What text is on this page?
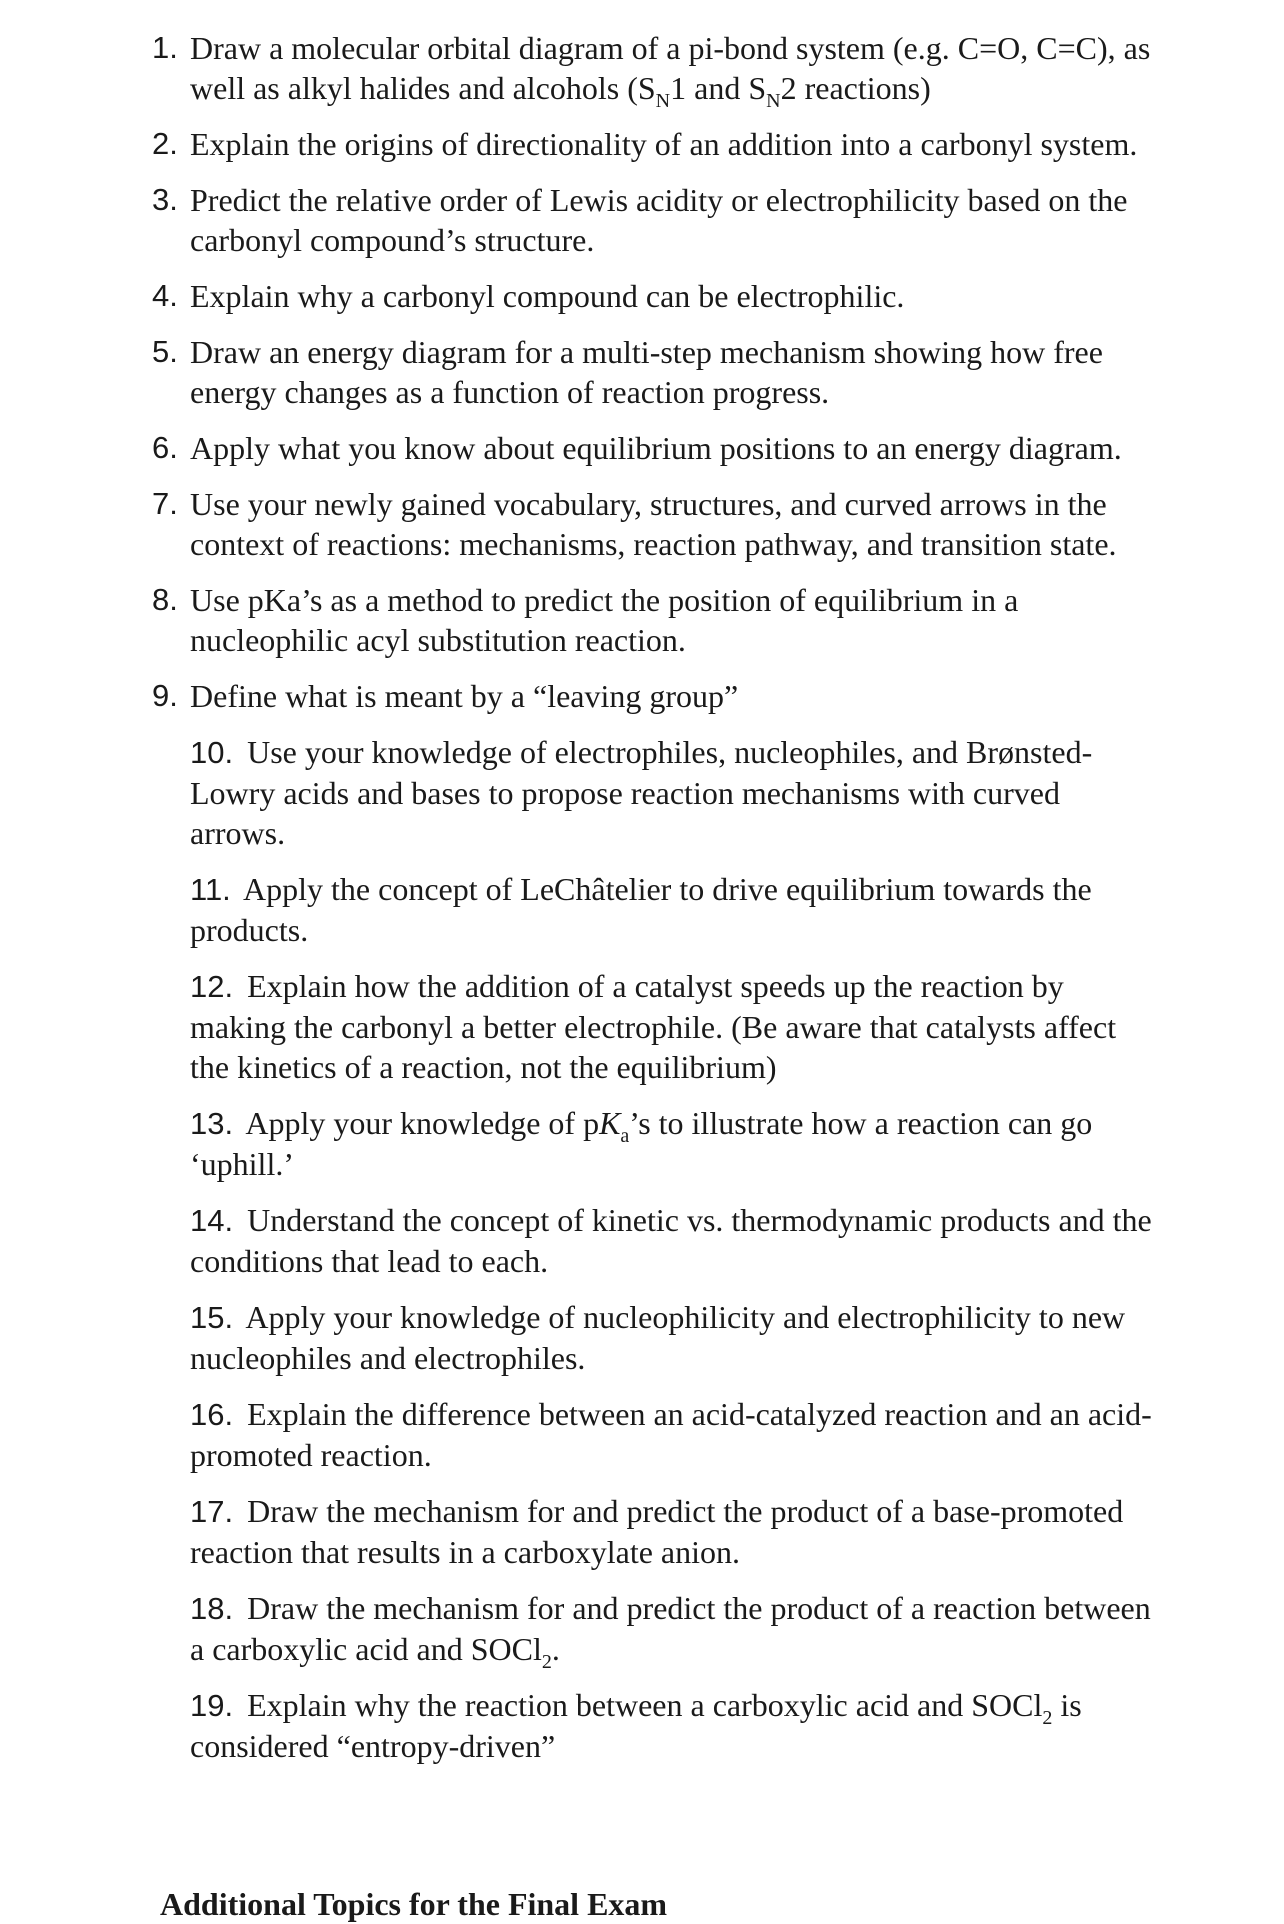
1. Draw a molecular orbital diagram of a pi-bond system (e.g. C=O, C=C), as well as alkyl halides and alcohols ($S_N1$ and $S_N2$ reactions)
2. Explain the origins of directionality of an addition into a carbonyl system.
3. Predict the relative order of Lewis acidity or electrophilicity based on the carbonyl compound’s structure.
4. Explain why a carbonyl compound can be electrophilic.
5. Draw an energy diagram for a multi-step mechanism showing how free energy changes as a function of reaction progress.
6. Apply what you know about equilibrium positions to an energy diagram.
7. Use your newly gained vocabulary, structures, and curved arrows in the context of reactions: mechanisms, reaction pathway, and transition state.
8. Use pKa’s as a method to predict the position of equilibrium in a nucleophilic acyl substitution reaction.
9. Define what is meant by a “leaving group”
10. Use your knowledge of electrophiles, nucleophiles, and Brønsted-Lowry acids and bases to propose reaction mechanisms with curved arrows.
11. Apply the concept of LeChâtelier to drive equilibrium towards the products.
12. Explain how the addition of a catalyst speeds up the reaction by making the carbonyl a better electrophile. (Be aware that catalysts affect the kinetics of a reaction, not the equilibrium)
13. Apply your knowledge of $pK_a’s$ to illustrate how a reaction can go ‘uphill.’
14. Understand the concept of kinetic vs. thermodynamic products and the conditions that lead to each.
15. Apply your knowledge of nucleophilicity and electrophilicity to new nucleophiles and electrophiles.
16. Explain the difference between an acid-catalyzed reaction and an acid-promoted reaction.
17. Draw the mechanism for and predict the product of a base-promoted reaction that results in a carboxylate anion.
18. Draw the mechanism for and predict the product of a reaction between a carboxylic acid and SOCl$_2$.
19. Explain why the reaction between a carboxylic acid and SOCl$_2$ is considered “entropy-driven”
Additional Topics for the Final Exam
